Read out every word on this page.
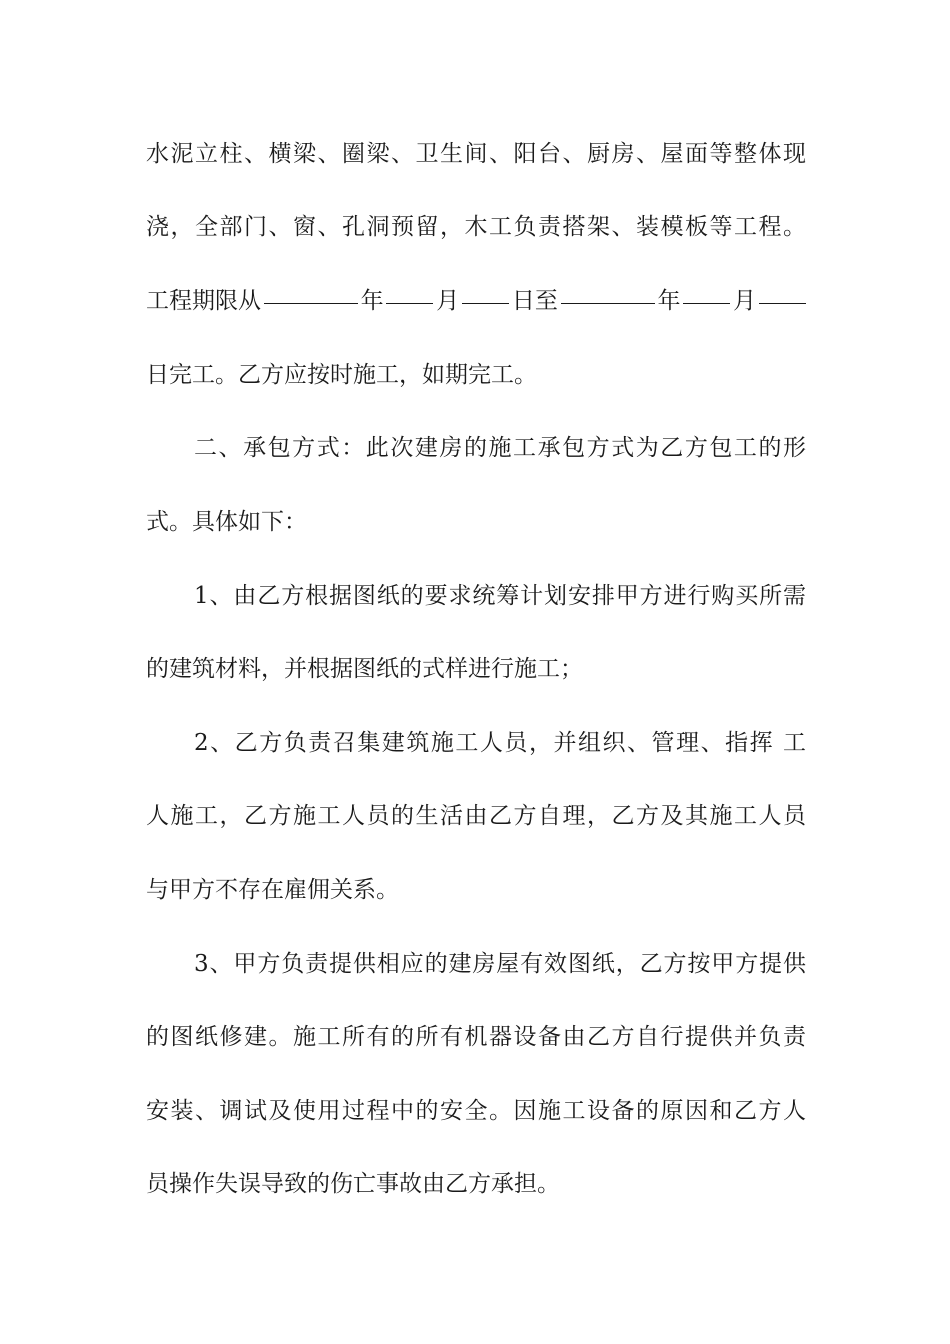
水泥立柱、横梁、圈梁、卫生间、阳台、厨房、屋面等整体现
浇，全部门、窗、孔洞预留，木工负责搭架、装模板等工程。
工程期限从	年 月 日至	年 月
日完工。乙方应按时施工，如期完工。
二、承包方式：此次建房的施工承包方式为乙方包工的形
式。具体如下：
1、由乙方根据图纸的要求统筹计划安排甲方进行购买所需
的建筑材料，并根据图纸的式样进行施工；
2、乙方负责召集建筑施工人员，并组织、管理、指挥 工
人施工，乙方施工人员的生活由乙方自理，乙方及其施工人员
与甲方不存在雇佣关系。
3、甲方负责提供相应的建房屋有效图纸，乙方按甲方提供
的图纸修建。施工所有的所有机器设备由乙方自行提供并负责
安装、调试及使用过程中的安全。因施工设备的原因和乙方人
员操作失误导致的伤亡事故由乙方承担。
